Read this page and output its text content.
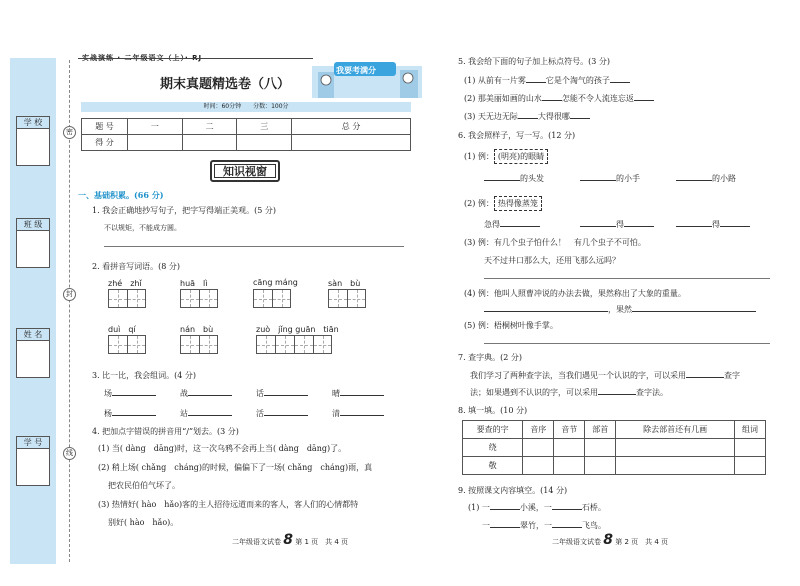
学 校
班 级
姓 名
学 号
密
封
线
实战演练 · 二年级语文（上）· RJ
期末真题精选卷（八）
我要考满分
时间：60分钟　　分数：100分
题 号	一	二	三	总 分
得 分				
知识视窗
一、基础积累。(66 分)
1. 我会正确地抄写句子，把字写得端正美观。(5 分)
不以规矩，不能成方圆。
2. 看拼音写词语。(8 分)
zhé　zhǐ	huā　lì	cāng máng	sàn　bù
duì　qí	nán　bù	zuò　jǐng guān　tiān
3. 比一比，我会组词。(4 分)
场	战	话	晴
杨	站	活	清
4. 把加点字错误的拼音用“/”划去。(3 分)
(1) 当( dàng　dāng)时，这一次乌鸦不会再上当( dàng　dāng)了。
(2) 稍上场( chǎng　cháng)的时候，偏偏下了一场( chǎng　cháng)雨，真
把农民伯伯气坏了。
(3) 热情好( hào　hǎo)客的主人招待远道而来的客人，客人们的心情都特
别好( hào　hǎo)。
二年级语文试卷 8 第 1 页　共 4 页
5. 我会给下面的句子加上标点符号。(3 分)
(1) 从前有一片雾	它是个淘气的孩子
(2) 那美丽如画的山水	怎能不令人流连忘返
(3) 天无边无际	大得很哪
6. 我会照样子，写一写。(12 分)
(1) 例： (明亮)的眼睛
的头发	的小手	的小路
(2) 例： 热得像蒸笼
急得	得	得
(3) 例：有几个虫子怕什么！　有几个虫子不可怕。
天不过井口那么大，还用飞那么远吗？
(4) 例：他叫人照曹冲说的办法去做，果然称出了大象的重量。
，果然
(5) 例：梧桐树叶像手掌。
7. 查字典。(2 分)
我们学习了两种查字法，当我们遇见一个认识的字，可以采用	查字
法；如果遇到不认识的字，可以采用	查字法。
8. 填一填。(10 分)
要查的字	音序	音节	部首	除去部首还有几画	组词
绕					
敬					
9. 按照课文内容填空。(14 分)
(1) 一	小溪，一	石桥。
一	翠竹，一	飞鸟。
二年级语文试卷 8 第 2 页　共 4 页
